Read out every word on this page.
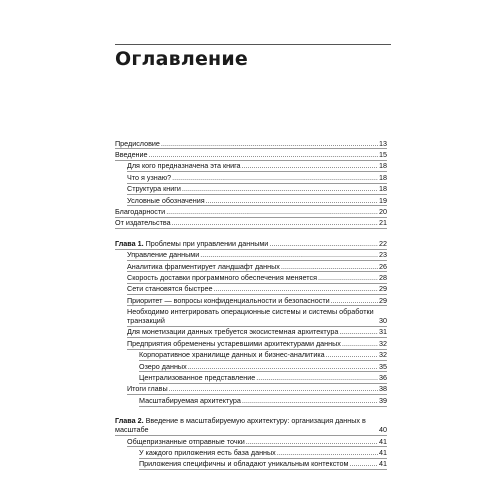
Оглавление
Предисловие .....	13
Введение .....	15
Для кого предназначена эта книга .....	18
Что я узнаю? .....	18
Структура книги .....	18
Условные обозначения .....	19
Благодарности .....	20
От издательства .....	21
Глава 1. Проблемы при управлении данными .....	22
Управление данными .....	23
Аналитика фрагментирует ландшафт данных .....	26
Скорость доставки программного обеспечения меняется .....	28
Сети становятся быстрее .....	29
Приоритет — вопросы конфиденциальности и безопасности .....	29
Необходимо интегрировать операционные системы и системы обработки транзакций	30
Для монетизации данных требуется экосистемная архитектура .....	31
Предприятия обременены устаревшими архитектурами данных .....	32
Корпоративное хранилище данных и бизнес-аналитика .....	32
Озеро данных .....	35
Централизованное представление .....	36
Итоги главы .....	38
Масштабируемая архитектура .....	39
Глава 2. Введение в масштабируемую архитектуру: организация данных в масштабе	40
Общепризнанные отправные точки .....	41
У каждого приложения есть база данных .....	41
Приложения специфичны и обладают уникальным контекстом .....	41
